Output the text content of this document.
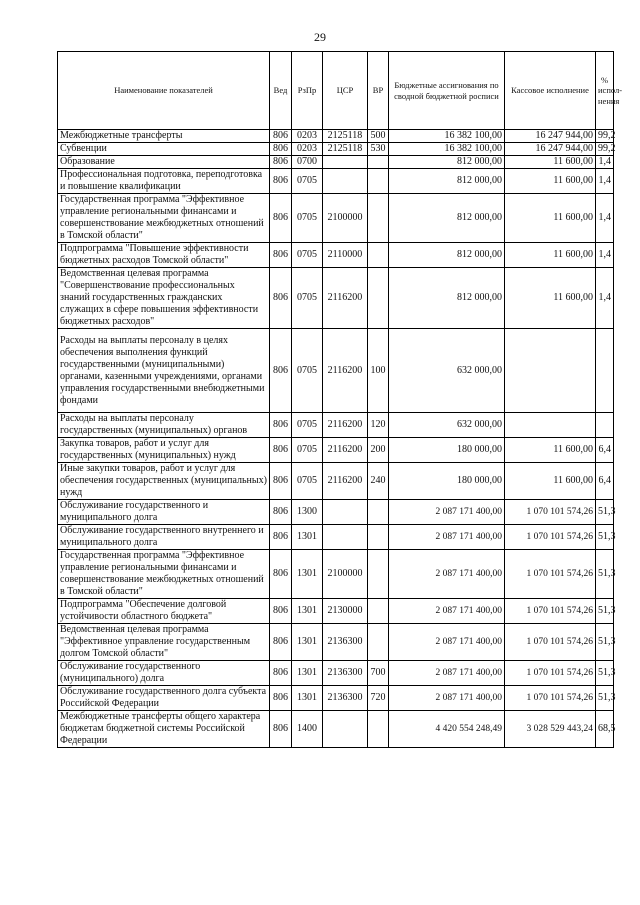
29
Наименование показателей	Вед	РзПр	ЦСР	ВР	Бюджетные ассигнования по сводной бюджетной росписи	Кассовое исполнение	% испол-нения
Межбюджетные трансферты	806	0203	2125118	500	16 382 100,00	16 247 944,00	99,2
Субвенции	806	0203	2125118	530	16 382 100,00	16 247 944,00	99,2
Образование	806	0700			812 000,00	11 600,00	1,4
Профессиональная подготовка, переподготовка и повышение квалификации	806	0705			812 000,00	11 600,00	1,4
Государственная программа "Эффективное управление региональными финансами и совершенствование межбюджетных отношений в Томской области"	806	0705	2100000		812 000,00	11 600,00	1,4
Подпрограмма "Повышение эффективности бюджетных расходов Томской области"	806	0705	2110000		812 000,00	11 600,00	1,4
Ведомственная целевая программа "Совершенствование профессиональных знаний государственных гражданских служащих в сфере повышения эффективности бюджетных расходов"	806	0705	2116200		812 000,00	11 600,00	1,4
Расходы на выплаты персоналу в целях обеспечения выполнения функций государственными (муниципальными) органами, казенными учреждениями, органами управления государственными внебюджетными фондами	806	0705	2116200	100	632 000,00		
Расходы на выплаты персоналу государственных (муниципальных) органов	806	0705	2116200	120	632 000,00		
Закупка товаров, работ и услуг для государственных (муниципальных) нужд	806	0705	2116200	200	180 000,00	11 600,00	6,4
Иные закупки товаров, работ и услуг для обеспечения государственных (муниципальных) нужд	806	0705	2116200	240	180 000,00	11 600,00	6,4
Обслуживание государственного и муниципального долга	806	1300			2 087 171 400,00	1 070 101 574,26	51,3
Обслуживание государственного внутреннего и муниципального долга	806	1301			2 087 171 400,00	1 070 101 574,26	51,3
Государственная программа "Эффективное управление региональными финансами и совершенствование межбюджетных отношений в Томской области"	806	1301	2100000		2 087 171 400,00	1 070 101 574,26	51,3
Подпрограмма "Обеспечение долговой устойчивости областного бюджета"	806	1301	2130000		2 087 171 400,00	1 070 101 574,26	51,3
Ведомственная целевая программа "Эффективное управление государственным долгом Томской области"	806	1301	2136300		2 087 171 400,00	1 070 101 574,26	51,3
Обслуживание государственного (муниципального) долга	806	1301	2136300	700	2 087 171 400,00	1 070 101 574,26	51,3
Обслуживание государственного долга субъекта Российской Федерации	806	1301	2136300	720	2 087 171 400,00	1 070 101 574,26	51,3
Межбюджетные трансферты общего характера бюджетам бюджетной системы Российской Федерации	806	1400			4 420 554 248,49	3 028 529 443,24	68,5
